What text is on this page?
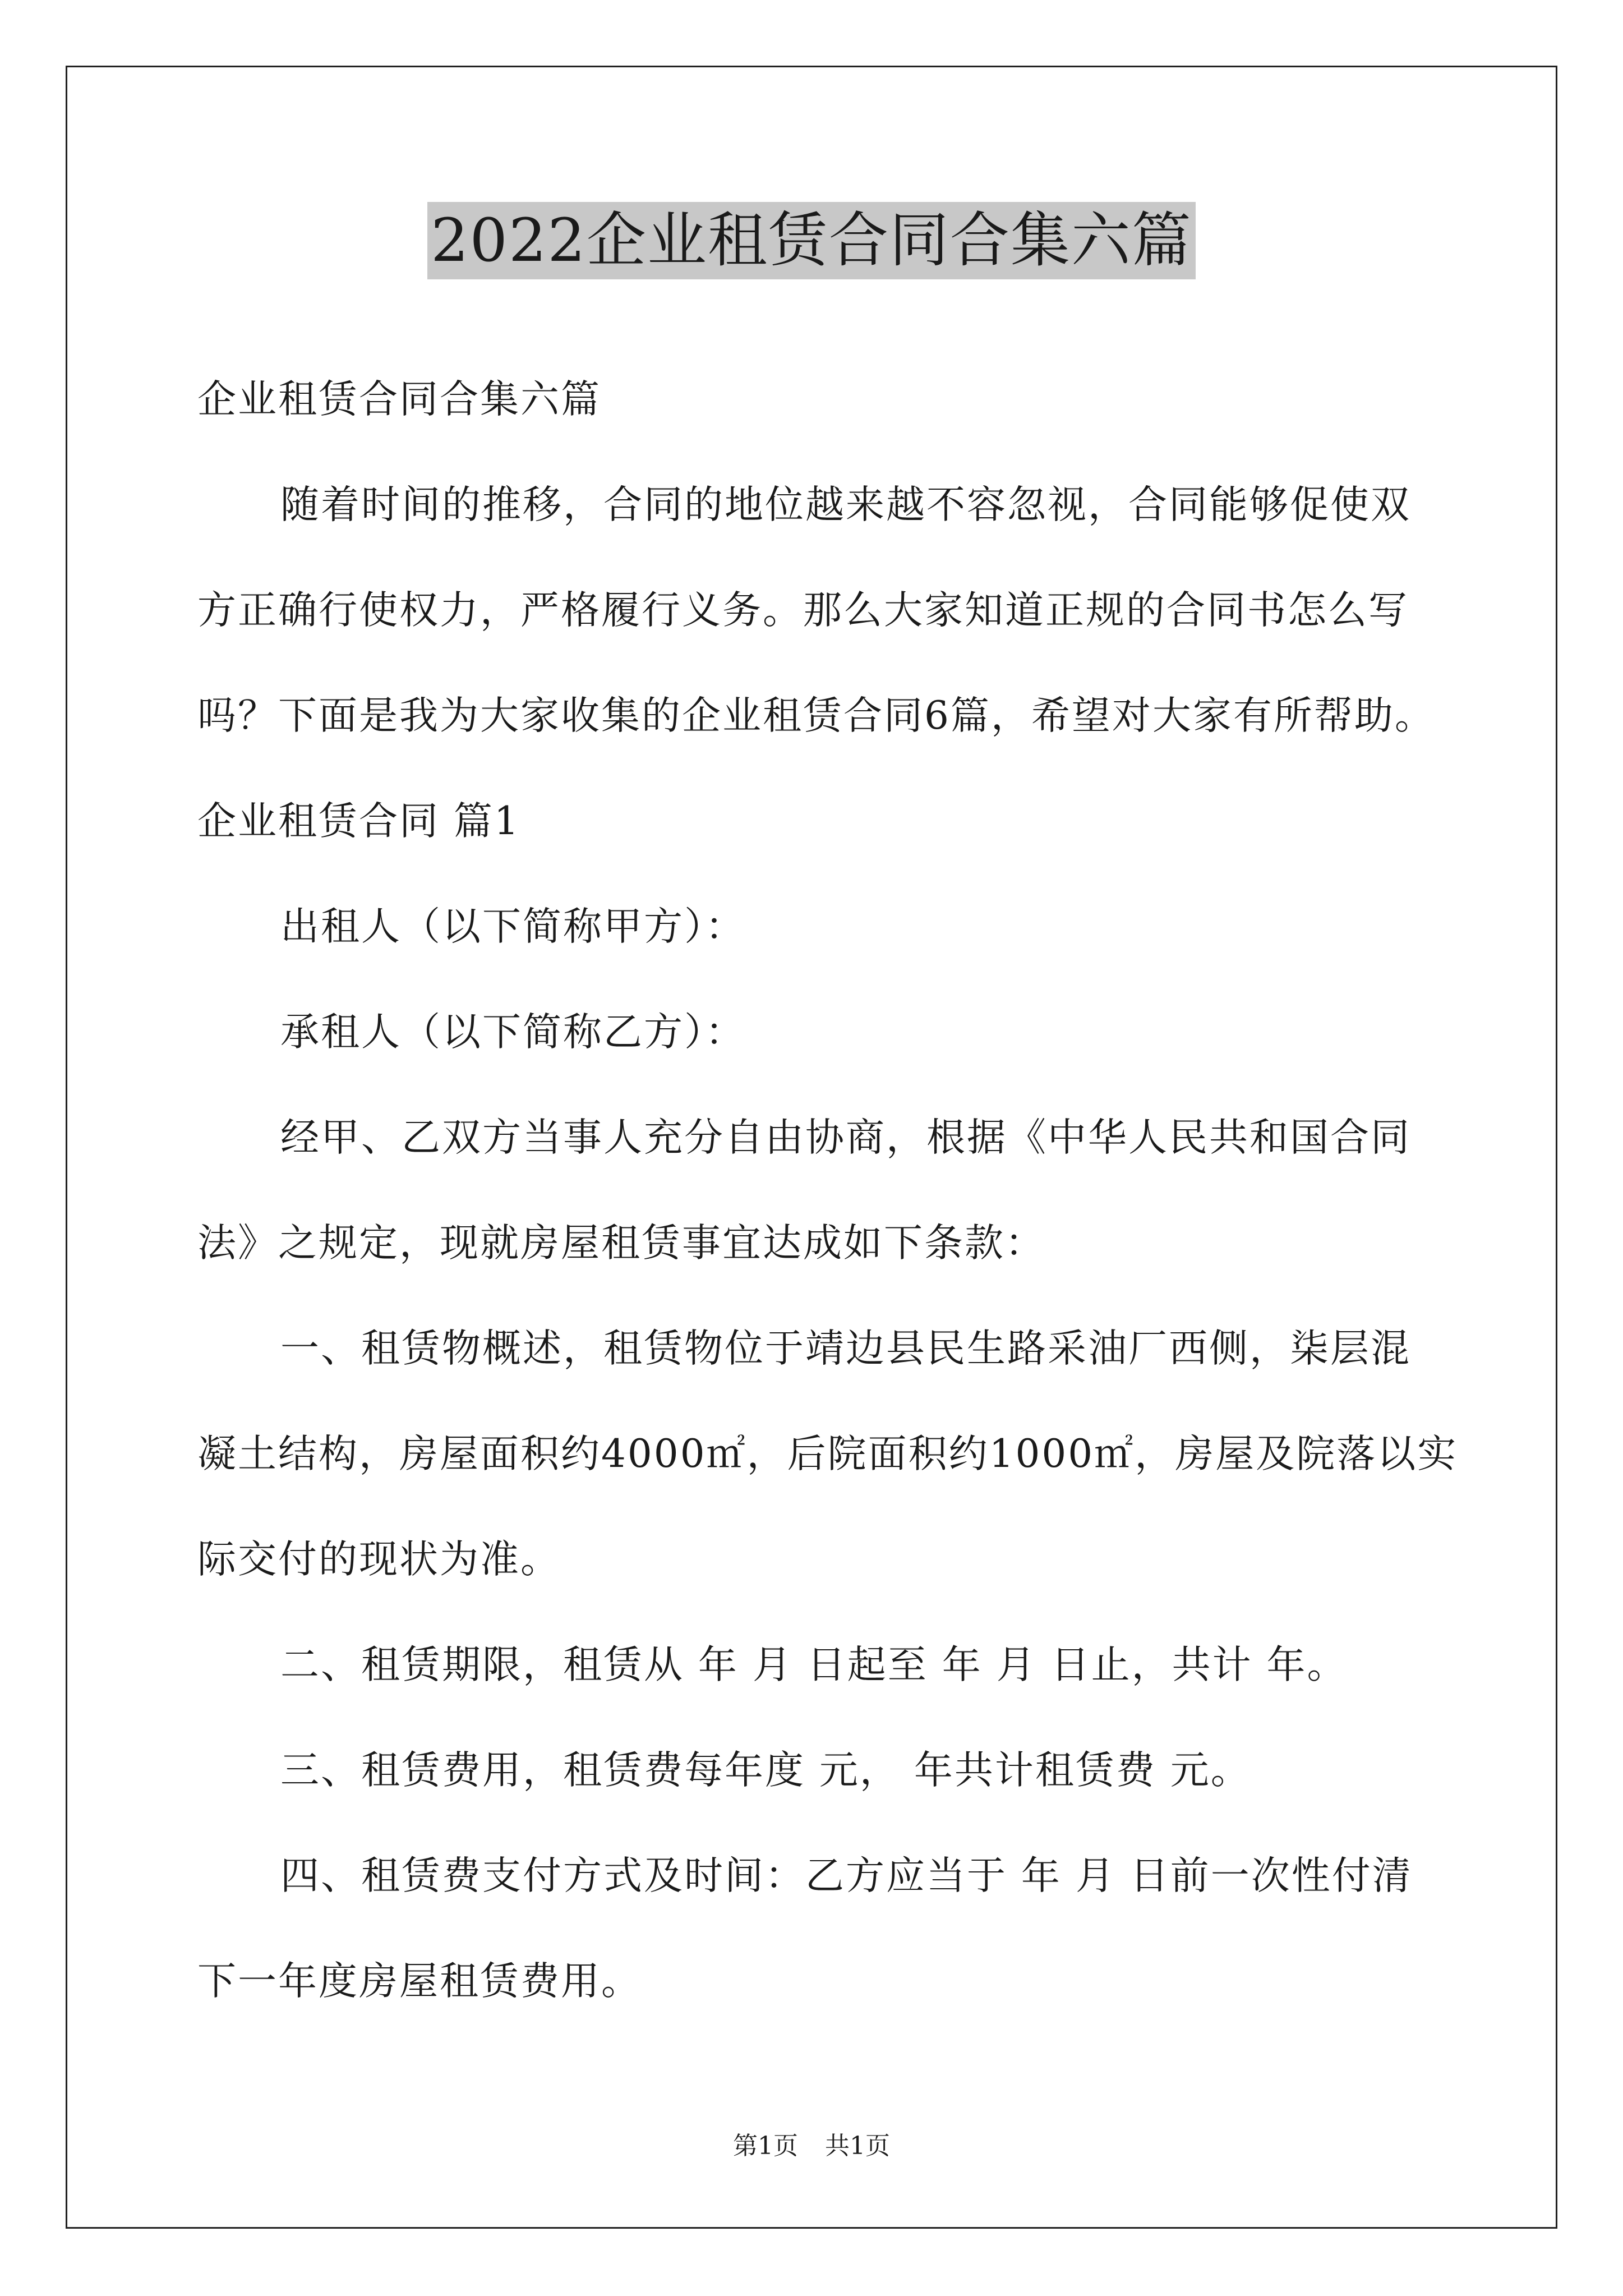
2022企业租赁合同合集六篇

企业租赁合同合集六篇

随着时间的推移，合同的地位越来越不容忽视，合同能够促使双

方正确行使权力，严格履行义务。那么大家知道正规的合同书怎么写

吗？下面是我为大家收集的企业租赁合同6篇，希望对大家有所帮助。

企业租赁合同 篇1

出租人（以下简称甲方）：

承租人（以下简称乙方）：

经甲、乙双方当事人充分自由协商，根据《中华人民共和国合同

法》之规定，现就房屋租赁事宜达成如下条款：

一、租赁物概述，租赁物位于靖边县民生路采油厂西侧，柒层混

凝土结构，房屋面积约4000㎡，后院面积约1000㎡，房屋及院落以实

际交付的现状为准。

二、租赁期限，租赁从 年 月 日起至 年 月 日止，共计 年。

三、租赁费用，租赁费每年度 元， 年共计租赁费 元。

四、租赁费支付方式及时间：乙方应当于 年 月 日前一次性付清

下一年度房屋租赁费用。

第1页 共1页
